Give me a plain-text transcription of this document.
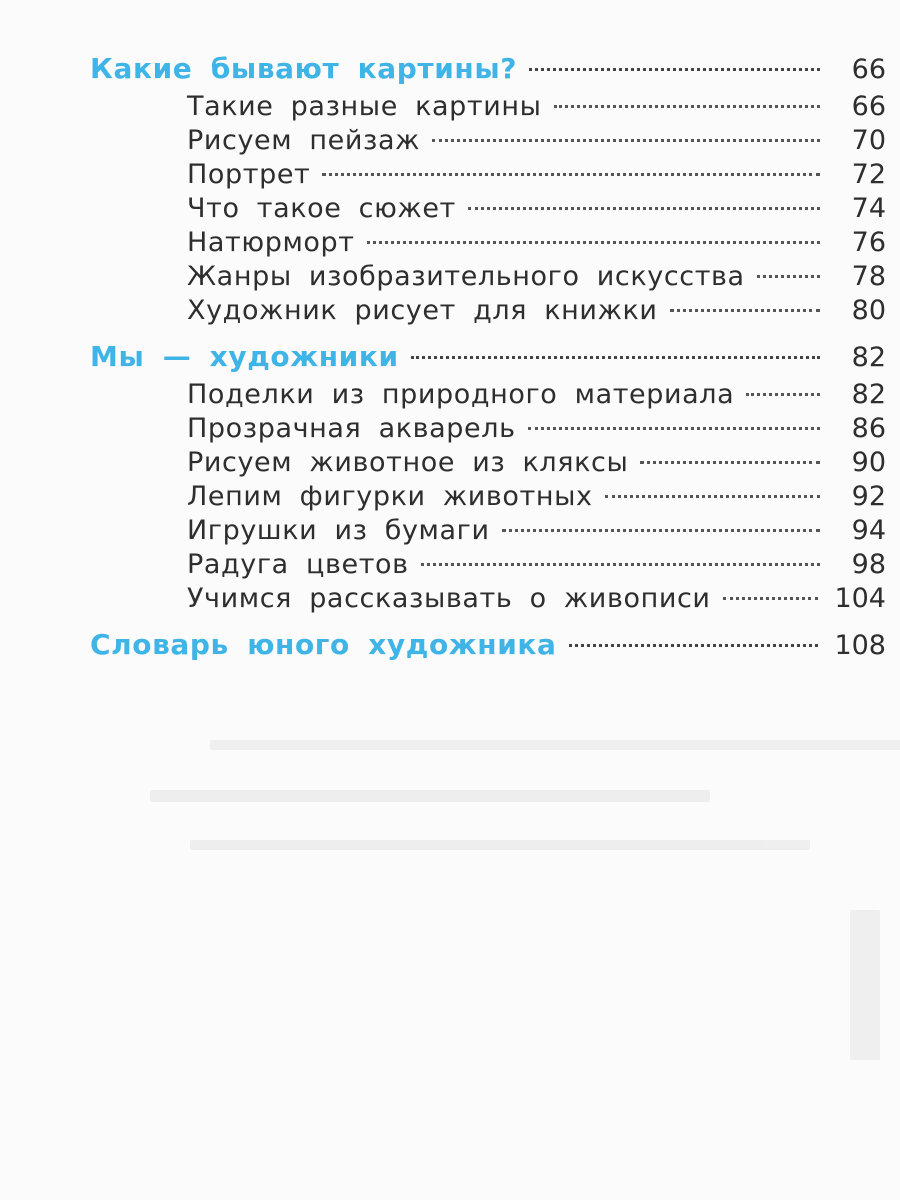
Какие бывают картины?	66
Такие разные картины	66
Рисуем пейзаж	70
Портрет	72
Что такое сюжет	74
Натюрморт	76
Жанры изобразительного искусства	78
Художник рисует для книжки	80
Мы — художники	82
Поделки из природного материала	82
Прозрачная акварель	86
Рисуем животное из кляксы	90
Лепим фигурки животных	92
Игрушки из бумаги	94
Радуга цветов	98
Учимся рассказывать о живописи	104
Словарь юного художника	108
